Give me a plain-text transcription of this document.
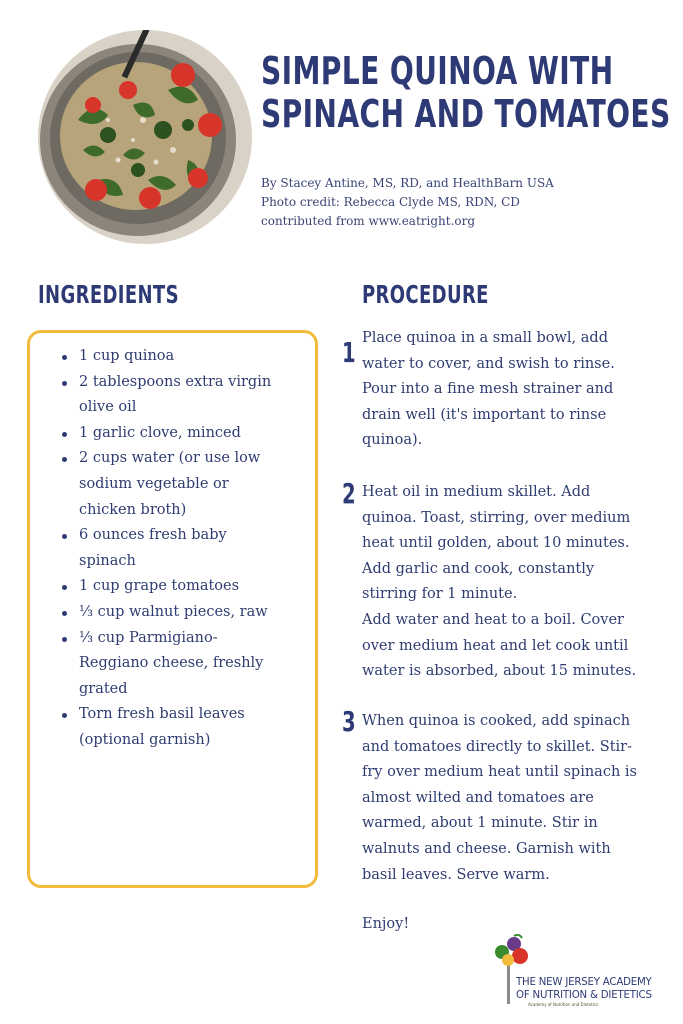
SIMPLE QUINOA WITH
SPINACH AND TOMATOES
By Stacey Antine, MS, RD, and HealthBarn USA
Photo credit: Rebecca Clyde MS, RDN, CD
contributed from www.eatright.org
INGREDIENTS	PROCEDURE
1 cup quinoa
2 tablespoons extra virgin
olive oil
1 garlic clove, minced
2 cups water (or use low
sodium vegetable or
chicken broth)
6 ounces fresh baby
spinach
1 cup grape tomatoes
⅓ cup walnut pieces, raw
⅓ cup Parmigiano-
Reggiano cheese, freshly
grated
Torn fresh basil leaves
(optional garnish)
1 Place quinoa in a small bowl, add
water to cover, and swish to rinse.
Pour into a fine mesh strainer and
drain well (it's important to rinse
quinoa).
2 Heat oil in medium skillet. Add
quinoa. Toast, stirring, over medium
heat until golden, about 10 minutes.
Add garlic and cook, constantly
stirring for 1 minute.
Add water and heat to a boil. Cover
over medium heat and let cook until
water is absorbed, about 15 minutes.
3 When quinoa is cooked, add spinach
and tomatoes directly to skillet. Stir-
fry over medium heat until spinach is
almost wilted and tomatoes are
warmed, about 1 minute. Stir in
walnuts and cheese. Garnish with
basil leaves. Serve warm.
Enjoy!
THE NEW JERSEY ACADEMY
OF NUTRITION & DIETETICS
Academy of Nutrition and Dietetics
